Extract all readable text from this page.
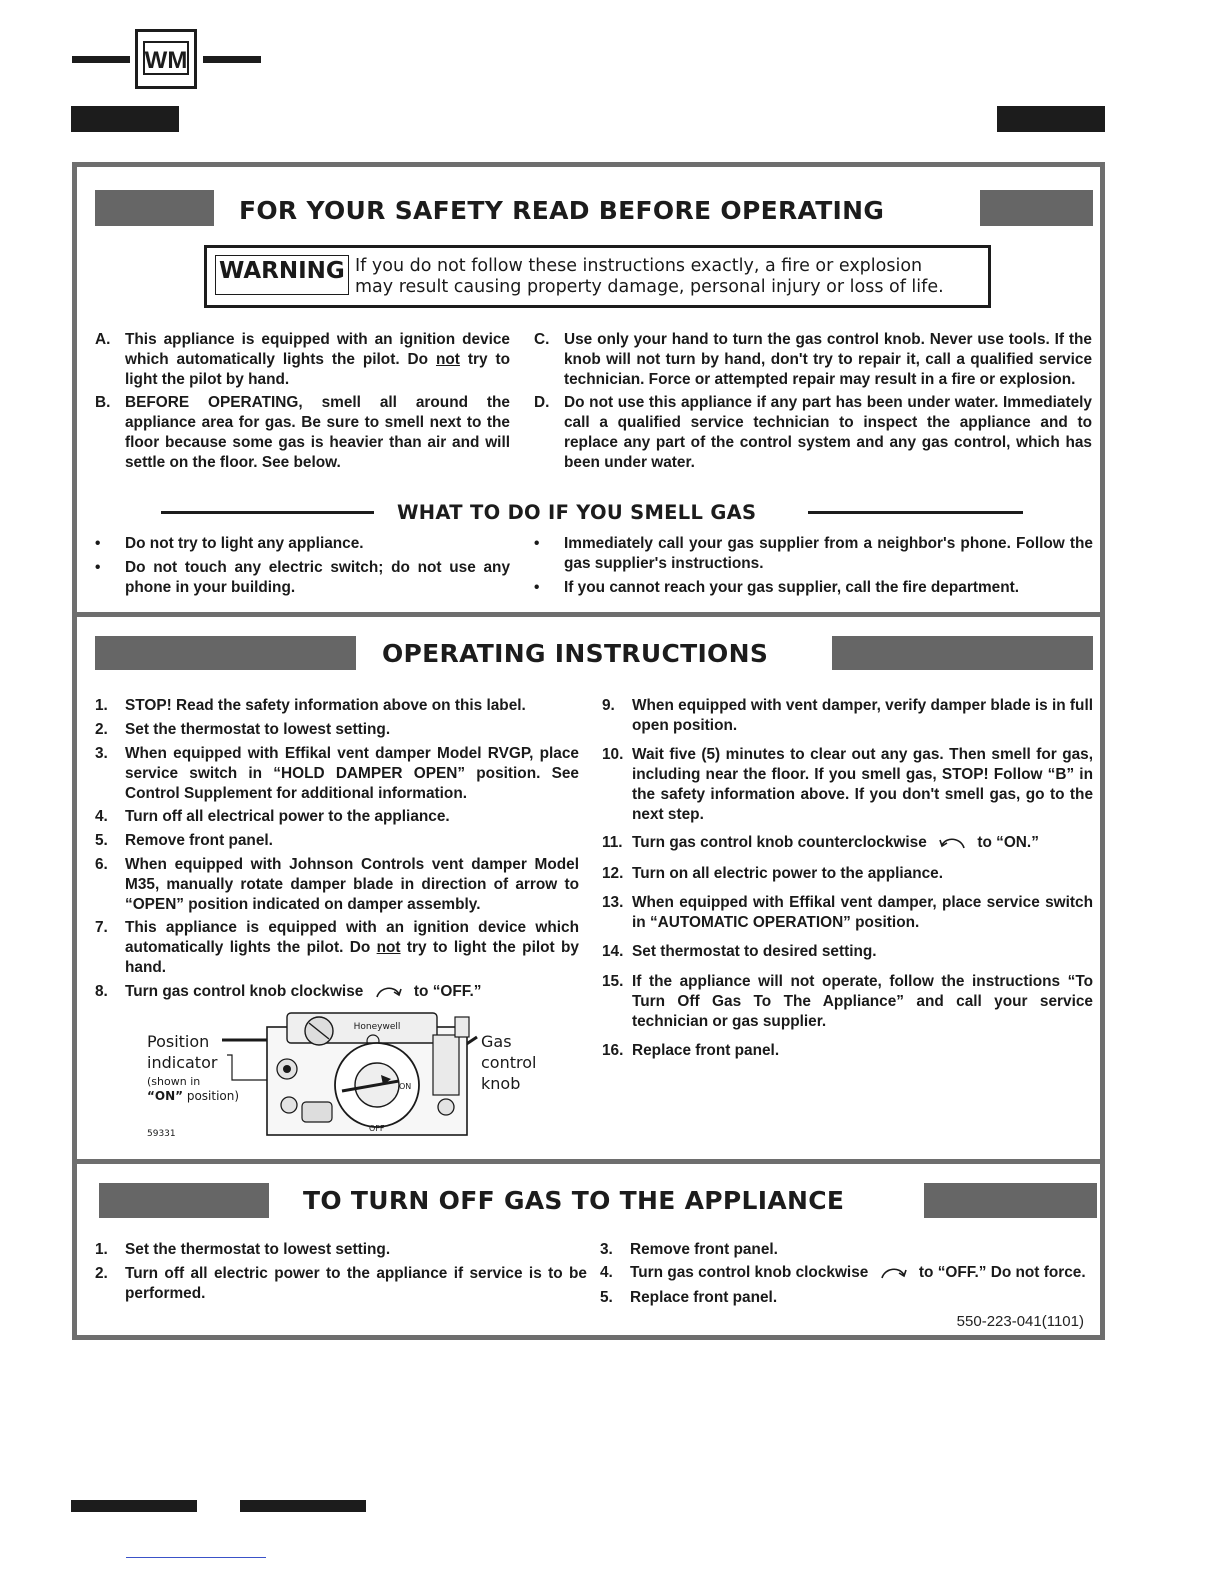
WM
FOR YOUR SAFETY READ BEFORE OPERATING
WARNING If you do not follow these instructions exactly, a fire or explosion
may result causing property damage, personal injury or loss of life.
A. This appliance is equipped with an ignition device which automatically lights the pilot. Do not try to light the pilot by hand.
B. BEFORE OPERATING, smell all around the appliance area for gas. Be sure to smell next to the floor because some gas is heavier than air and will settle on the floor. See below.
C. Use only your hand to turn the gas control knob. Never use tools. If the knob will not turn by hand, don't try to repair it, call a qualified service technician. Force or attempted repair may result in a fire or explosion.
D. Do not use this appliance if any part has been under water. Immediately call a qualified service technician to inspect the appliance and to replace any part of the control system and any gas control, which has been under water.
WHAT TO DO IF YOU SMELL GAS
• Do not try to light any appliance.
• Do not touch any electric switch; do not use any phone in your building.
• Immediately call your gas supplier from a neighbor's phone. Follow the gas supplier's instructions.
• If you cannot reach your gas supplier, call the fire department.
OPERATING INSTRUCTIONS
1. STOP! Read the safety information above on this label.
2. Set the thermostat to lowest setting.
3. When equipped with Effikal vent damper Model RVGP, place service switch in “HOLD DAMPER OPEN” position. See Control Supplement for additional information.
4. Turn off all electrical power to the appliance.
5. Remove front panel.
6. When equipped with Johnson Controls vent damper Model M35, manually rotate damper blade in direction of arrow to “OPEN” position indicated on damper assembly.
7. This appliance is equipped with an ignition device which automatically lights the pilot. Do not try to light the pilot by hand.
8. Turn gas control knob clockwise	to “OFF.”
Position
indicator
(shown in
“ON” position)
Gas
control
knob
59331
Honeywell
ON
OFF
9. When equipped with vent damper, verify damper blade is in full open position.
10. Wait five (5) minutes to clear out any gas. Then smell for gas, including near the floor. If you smell gas, STOP! Follow “B” in the safety information above. If you don't smell gas, go to the next step.
11. Turn gas control knob counterclockwise	to “ON.”
12. Turn on all electric power to the appliance.
13. When equipped with Effikal vent damper, place service switch in “AUTOMATIC OPERATION” position.
14. Set thermostat to desired setting.
15. If the appliance will not operate, follow the instructions “To Turn Off Gas To The Appliance” and call your service technician or gas supplier.
16. Replace front panel.
TO TURN OFF GAS TO THE APPLIANCE
1. Set the thermostat to lowest setting.
2. Turn off all electric power to the appliance if service is to be performed.
3. Remove front panel.
4. Turn gas control knob clockwise	to “OFF.” Do not force.
5. Replace front panel.
550-223-041(1101)
